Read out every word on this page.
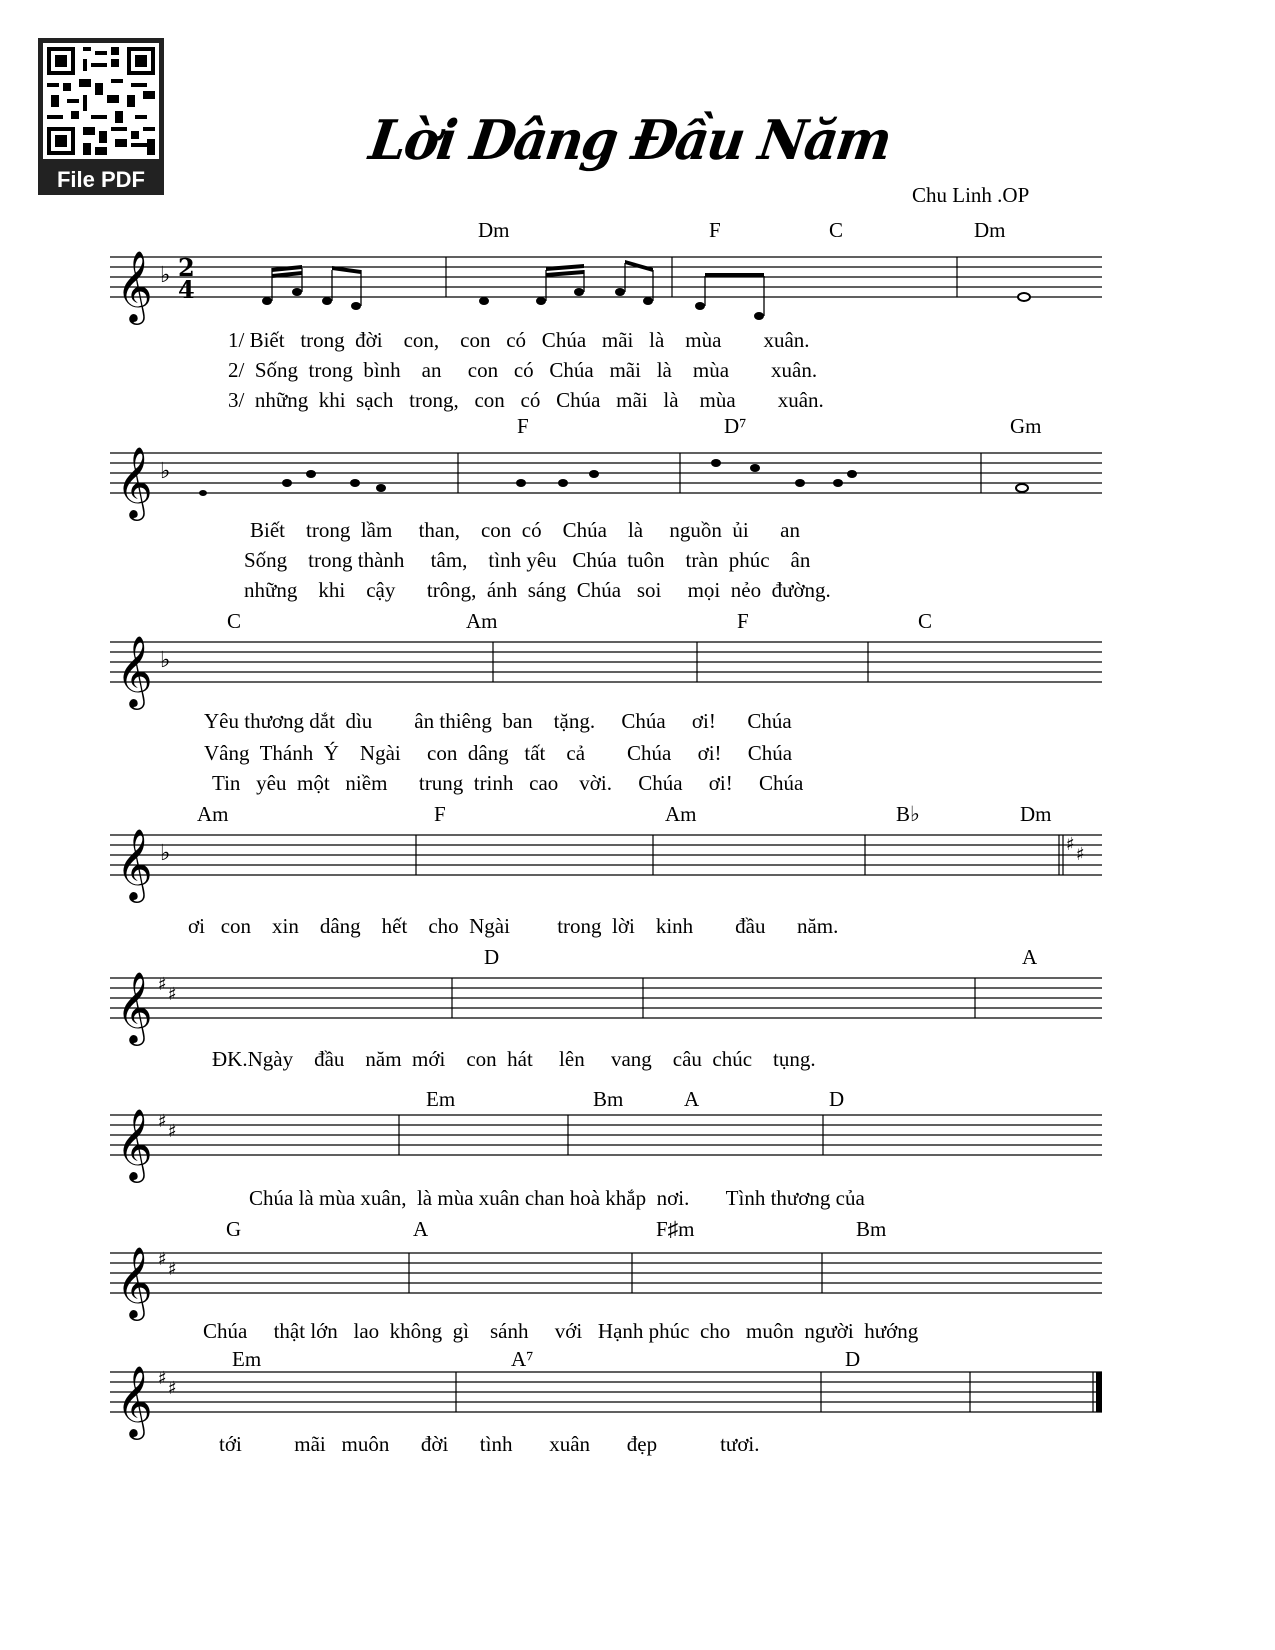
File PDF
Lời Dâng Đầu Năm
Chu Linh .OP
𝄞
𝄞
𝄞
𝄞
𝄞
𝄞
𝄞
𝄞
♭
♭
♭
♭	♯ ♯
♯ ♯
♯ ♯
♯ ♯
♯ ♯
2
4
Dm	F	C	Dm
1/ Biết   trong  đời    con,    con   có   Chúa   mãi   là    mùa        xuân.
2/  Sống  trong  bình    an     con   có   Chúa   mãi   là    mùa        xuân.
3/  những  khi  sạch   trong,   con   có   Chúa   mãi   là    mùa        xuân.
F	D⁷	Gm
Biết    trong  lầm     than,    con  có    Chúa    là     nguồn  ủi      an
Sống    trong thành     tâm,    tình yêu   Chúa  tuôn    tràn  phúc    ân
những    khi    cậy      trông,  ánh  sáng  Chúa   soi     mọi  nẻo  đường.
C	Am	F	C
Yêu thương dắt  dìu        ân thiêng  ban    tặng.     Chúa     ơi!      Chúa
Vâng  Thánh  Ý    Ngài     con  dâng   tất    cả        Chúa     ơi!     Chúa
Tin   yêu  một   niềm      trung  trinh   cao    vời.     Chúa     ơi!     Chúa
Am	F	Am	B♭	Dm
ơi   con    xin    dâng    hết    cho  Ngài         trong  lời    kinh        đầu      năm.
D	A
ĐK.Ngày    đầu    năm  mới    con  hát     lên     vang    câu  chúc    tụng.
Em	Bm	A	D
Chúa là mùa xuân,  là mùa xuân chan hoà khắp  nơi.       Tình thương của
G	A	F♯m	Bm
Chúa     thật lớn   lao  không  gì    sánh     với   Hạnh phúc  cho   muôn  người  hướng
Em	A⁷	D
tới          mãi   muôn      đời      tình       xuân       đẹp            tươi.
